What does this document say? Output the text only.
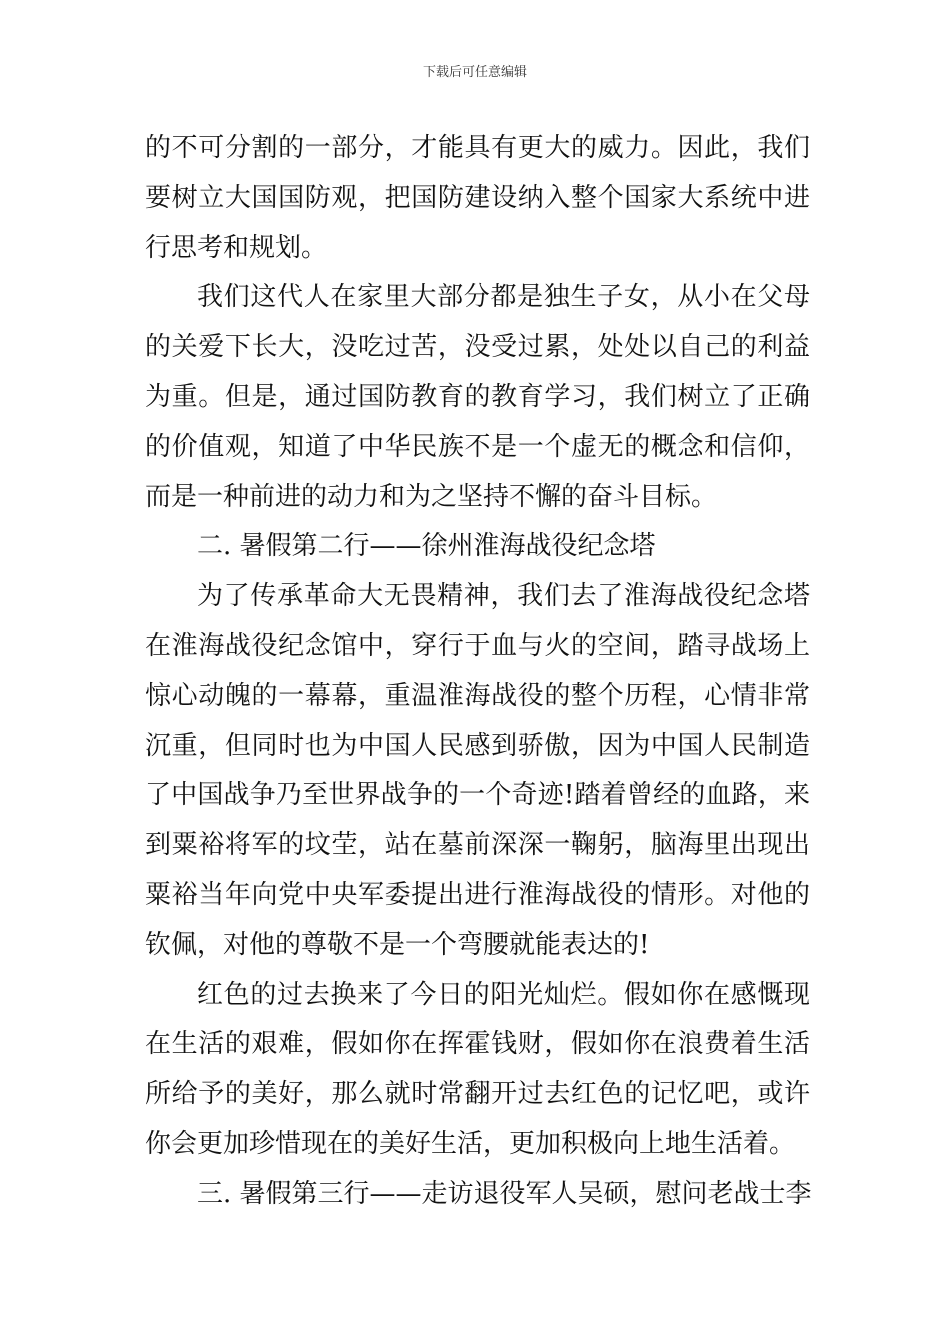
下载后可任意编辑
的不可分割的一部分，才能具有更大的威力。因此，我们
要树立大国国防观，把国防建设纳入整个国家大系统中进
行思考和规划。
我们这代人在家里大部分都是独生子女，从小在父母
的关爱下长大，没吃过苦，没受过累，处处以自己的利益
为重。但是，通过国防教育的教育学习，我们树立了正确
的价值观，知道了中华民族不是一个虚无的概念和信仰，
而是一种前进的动力和为之坚持不懈的奋斗目标。
二. 暑假第二行——徐州淮海战役纪念塔
为了传承革命大无畏精神，我们去了淮海战役纪念塔
在淮海战役纪念馆中，穿行于血与火的空间，踏寻战场上
惊心动魄的一幕幕，重温淮海战役的整个历程，心情非常
沉重，但同时也为中国人民感到骄傲，因为中国人民制造
了中国战争乃至世界战争的一个奇迹!踏着曾经的血路，来
到粟裕将军的坟茔，站在墓前深深一鞠躬，脑海里出现出
粟裕当年向党中央军委提出进行淮海战役的情形。对他的
钦佩，对他的尊敬不是一个弯腰就能表达的!
红色的过去换来了今日的阳光灿烂。假如你在感慨现
在生活的艰难，假如你在挥霍钱财，假如你在浪费着生活
所给予的美好，那么就时常翻开过去红色的记忆吧，或许
你会更加珍惜现在的美好生活，更加积极向上地生活着。
三. 暑假第三行——走访退役军人吴硕，慰问老战士李
